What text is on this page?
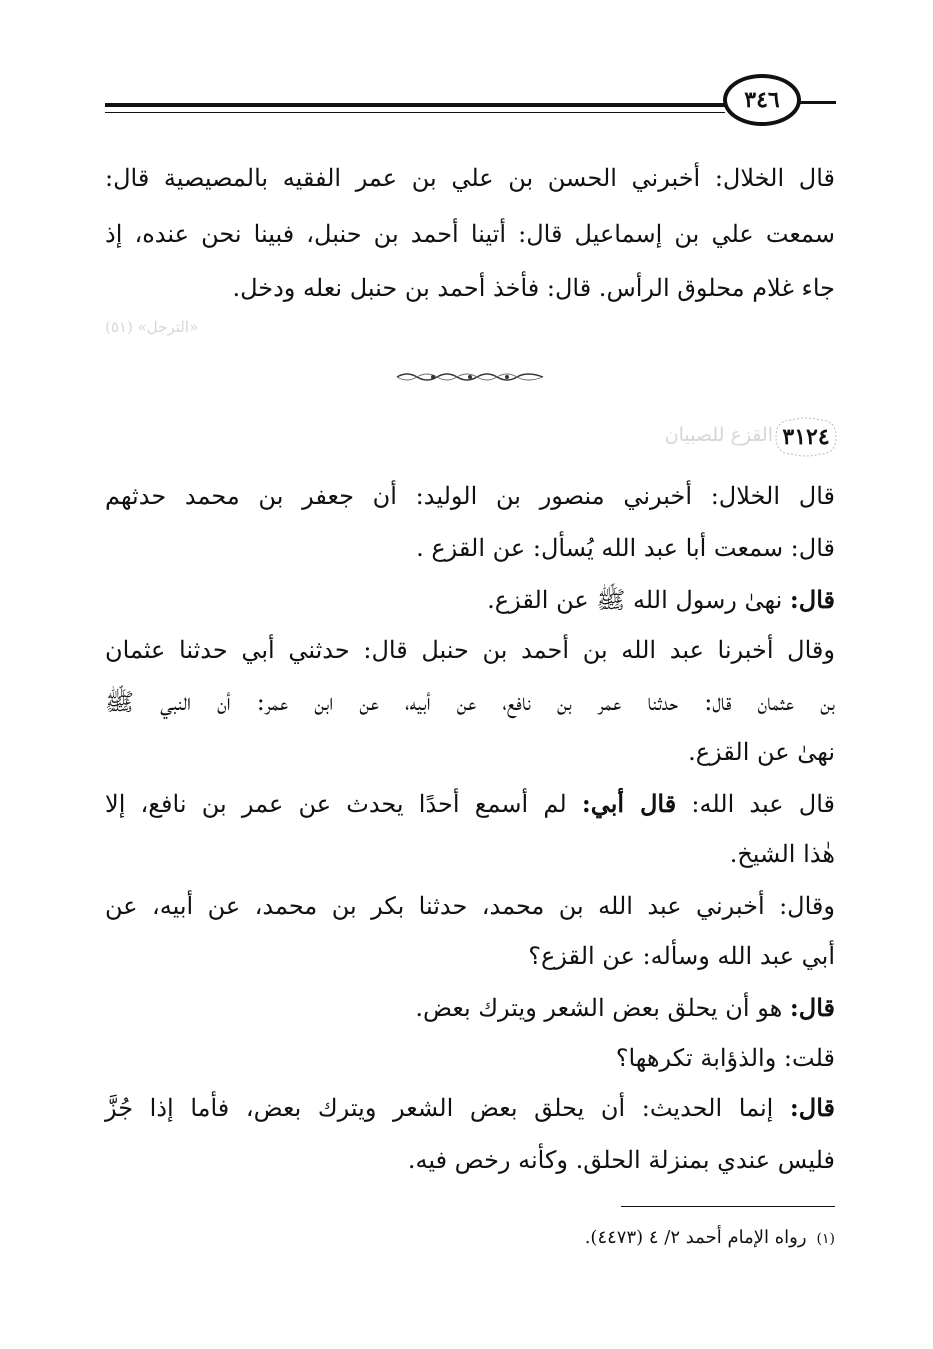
٣٤٦
قال الخلال: أخبرني الحسن بن علي بن عمر الفقيه بالمصيصية قال:
سمعت علي بن إسماعيل قال: أتينا أحمد بن حنبل، فبينا نحن عنده، إذ
جاء غلام محلوق الرأس. قال: فأخذ أحمد بن حنبل نعله ودخل.
«الترجل» (٥١)
٣١٢٤
القزع للصبيان
قال الخلال: أخبرني منصور بن الوليد: أن جعفر بن محمد حدثهم
قال: سمعت أبا عبد الله يُسأل: عن القزع .
قال: نهىٰ رسول الله ﷺ عن القزع.
وقال أخبرنا عبد الله بن أحمد بن حنبل قال: حدثني أبي حدثنا عثمان
بن عثمان قال: حدثنا عمر بن نافع، عن أبيه، عن ابن عمر: أن النبي ﷺ
نهىٰ عن القزع.
قال عبد الله: قال أبي: لم أسمع أحدًا يحدث عن عمر بن نافع، إلا
هٰذا الشيخ.
وقال: أخبرني عبد الله بن محمد، حدثنا بكر بن محمد، عن أبيه، عن
أبي عبد الله وسأله: عن القزع؟
قال: هو أن يحلق بعض الشعر ويترك بعض.
قلت: والذؤابة تكرهها؟
قال: إنما الحديث: أن يحلق بعض الشعر ويترك بعض، فأما إذا جُزَّ
فليس عندي بمنزلة الحلق. وكأنه رخص فيه.
(١)رواه الإمام أحمد ٢/ ٤ (٤٤٧٣).
